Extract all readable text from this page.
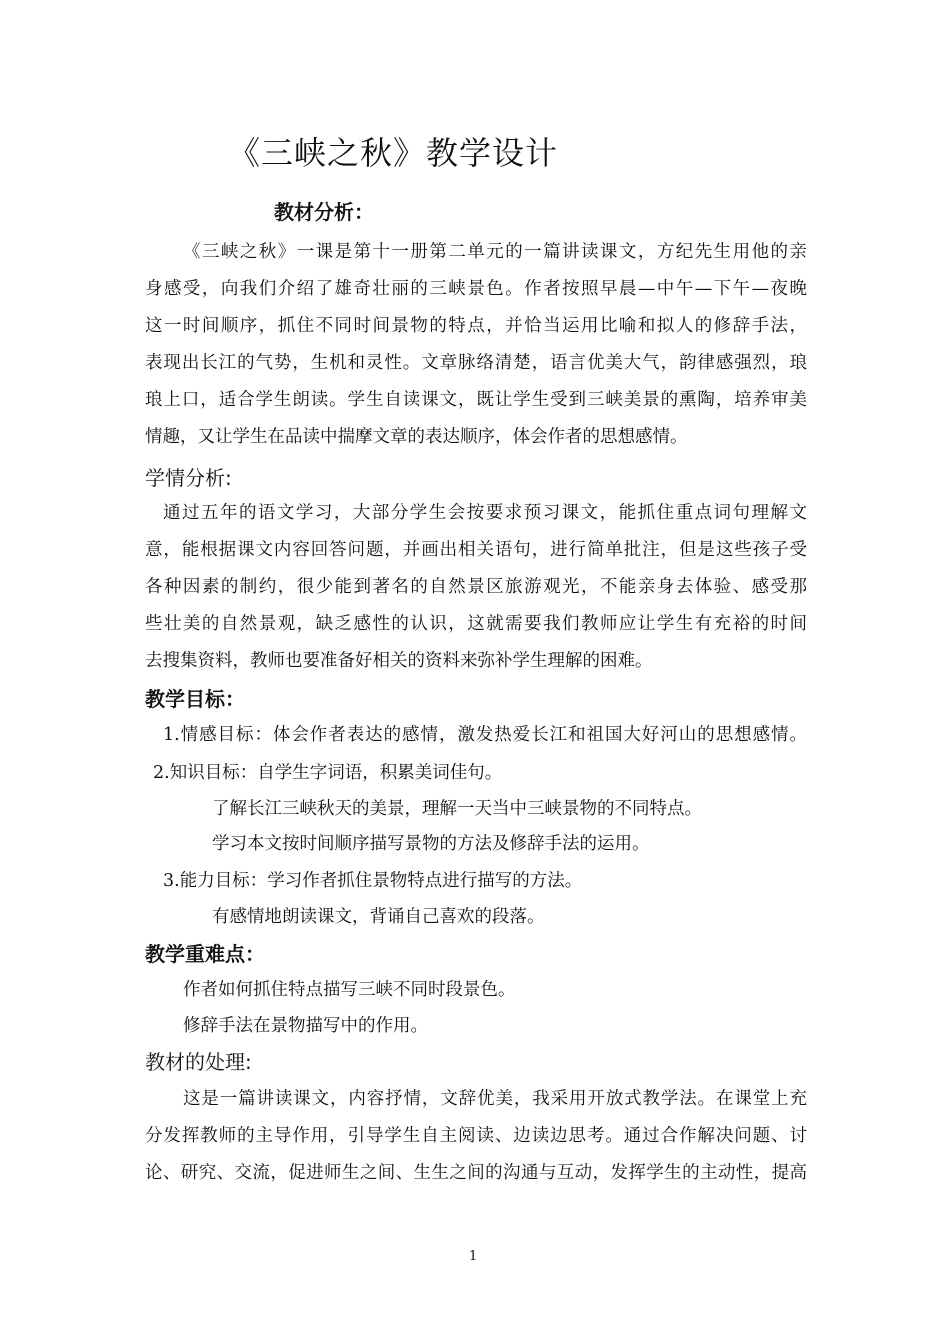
《三峡之秋》教学设计
教材分析：
《三峡之秋》一课是第十一册第二单元的一篇讲读课文，方纪先生用他的亲
身感受，向我们介绍了雄奇壮丽的三峡景色。作者按照早晨—中午—下午—夜晚
这一时间顺序，抓住不同时间景物的特点，并恰当运用比喻和拟人的修辞手法，
表现出长江的气势，生机和灵性。文章脉络清楚，语言优美大气，韵律感强烈，琅
琅上口，适合学生朗读。学生自读课文，既让学生受到三峡美景的熏陶，培养审美
情趣，又让学生在品读中揣摩文章的表达顺序，体会作者的思想感情。
学情分析:
通过五年的语文学习，大部分学生会按要求预习课文，能抓住重点词句理解文
意，能根据课文内容回答问题，并画出相关语句，进行简单批注，但是这些孩子受
各种因素的制约，很少能到著名的自然景区旅游观光，不能亲身去体验、感受那
些壮美的自然景观，缺乏感性的认识，这就需要我们教师应让学生有充裕的时间
去搜集资料，教师也要准备好相关的资料来弥补学生理解的困难。
教学目标：
1.情感目标：体会作者表达的感情，激发热爱长江和祖国大好河山的思想感情。
2.知识目标：自学生字词语，积累美词佳句。
了解长江三峡秋天的美景，理解一天当中三峡景物的不同特点。
学习本文按时间顺序描写景物的方法及修辞手法的运用。
3.能力目标：学习作者抓住景物特点进行描写的方法。
有感情地朗读课文，背诵自己喜欢的段落。
教学重难点：
作者如何抓住特点描写三峡不同时段景色。
修辞手法在景物描写中的作用。
教材的处理:
这是一篇讲读课文，内容抒情，文辞优美，我采用开放式教学法。在课堂上充
分发挥教师的主导作用，引导学生自主阅读、边读边思考。通过合作解决问题、讨
论、研究、交流，促进师生之间、生生之间的沟通与互动，发挥学生的主动性，提高
1
